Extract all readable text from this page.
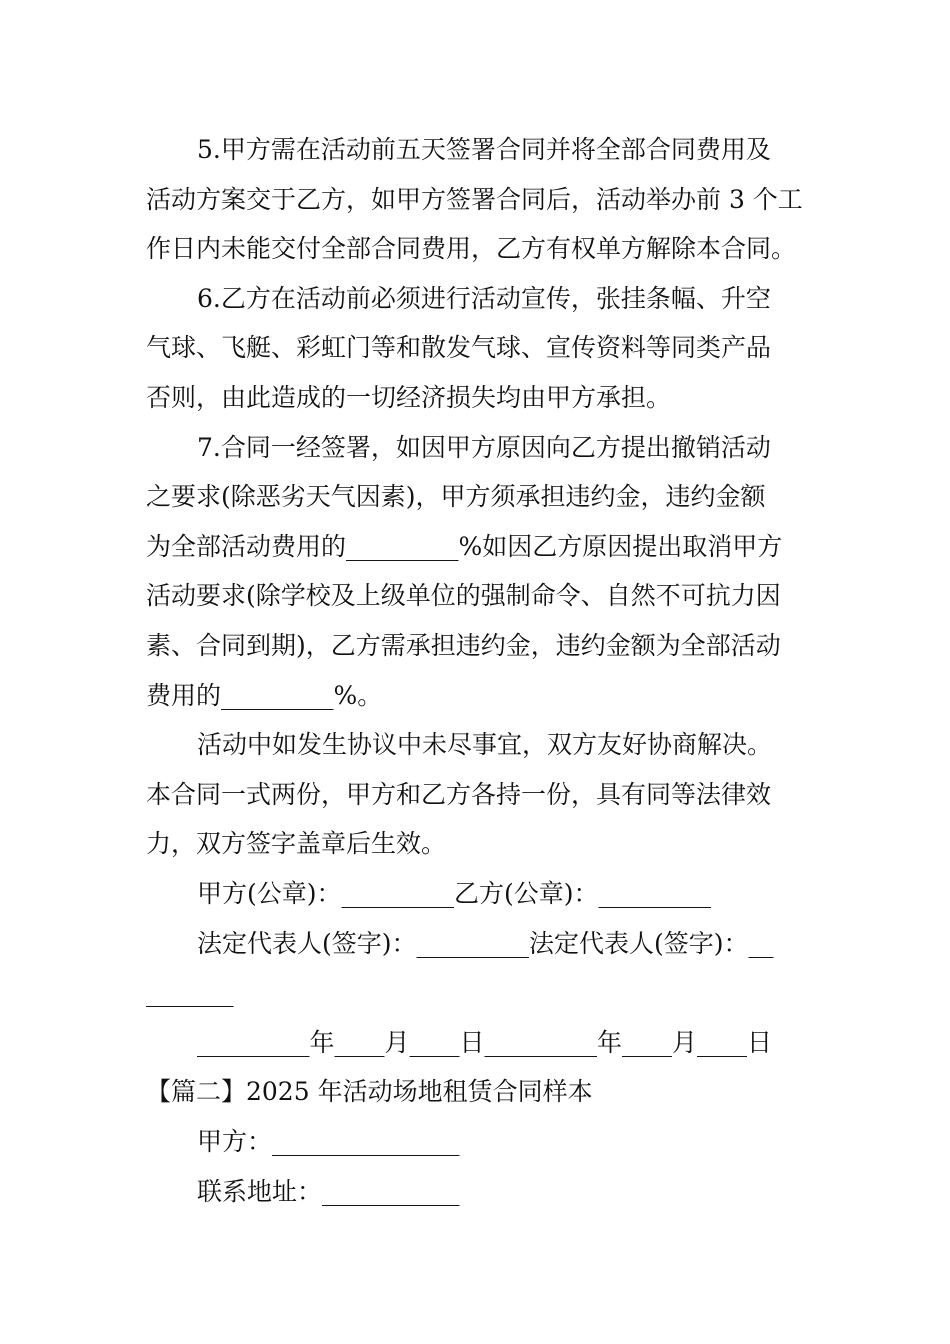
5.甲方需在活动前五天签署合同并将全部合同费用及
活动方案交于乙方，如甲方签署合同后，活动举办前 3 个工
作日内未能交付全部合同费用，乙方有权单方解除本合同。
6.乙方在活动前必须进行活动宣传，张挂条幅、升空
气球、飞艇、彩虹门等和散发气球、宣传资料等同类产品
否则，由此造成的一切经济损失均由甲方承担。
7.合同一经签署，如因甲方原因向乙方提出撤销活动
之要求(除恶劣天气因素)，甲方须承担违约金，违约金额
为全部活动费用的_________%如因乙方原因提出取消甲方
活动要求(除学校及上级单位的强制命令、自然不可抗力因
素、合同到期)，乙方需承担违约金，违约金额为全部活动
费用的_________%。
活动中如发生协议中未尽事宜，双方友好协商解决。
本合同一式两份，甲方和乙方各持一份，具有同等法律效
力，双方签字盖章后生效。
甲方(公章)：_________乙方(公章)：_________
法定代表人(签字)：_________法定代表人(签字)：__
_______
_________年____月____日_________年____月____日
【篇二】2025 年活动场地租赁合同样本
甲方：_______________
联系地址：___________
